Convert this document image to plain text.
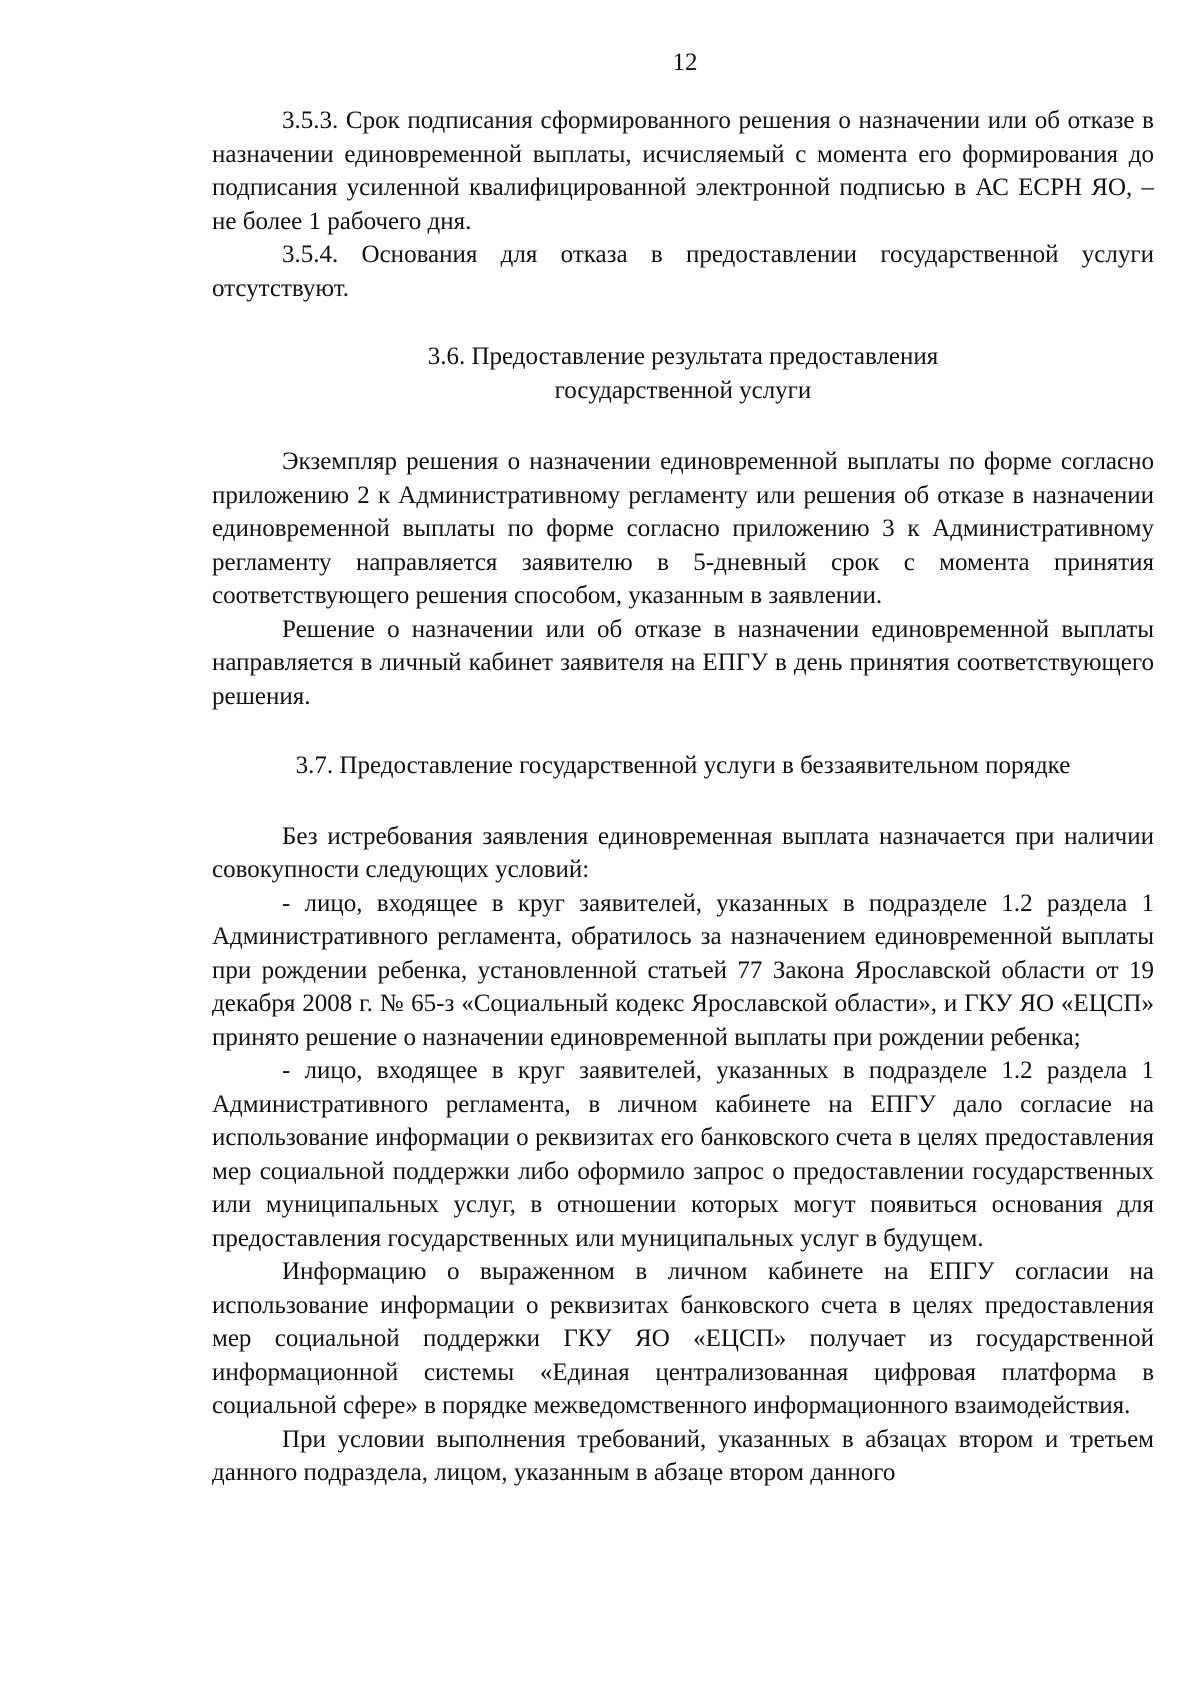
12

3.5.3. Срок подписания сформированного решения о назначении или об отказе в назначении единовременной выплаты, исчисляемый с момента его формирования до подписания усиленной квалифицированной электронной подписью в АС ЕСРН ЯО, – не более 1 рабочего дня.

3.5.4. Основания для отказа в предоставлении государственной услуги отсутствуют.

3.6. Предоставление результата предоставления
государственной услуги

Экземпляр решения о назначении единовременной выплаты по форме согласно приложению 2 к Административному регламенту или решения об отказе в назначении единовременной выплаты по форме согласно приложению 3 к Административному регламенту направляется заявителю в 5-дневный срок с момента принятия соответствующего решения способом, указанным в заявлении.

Решение о назначении или об отказе в назначении единовременной выплаты направляется в личный кабинет заявителя на ЕПГУ в день принятия соответствующего решения.

3.7. Предоставление государственной услуги в беззаявительном порядке

Без истребования заявления единовременная выплата назначается при наличии совокупности следующих условий:

- лицо, входящее в круг заявителей, указанных в подразделе 1.2 раздела 1 Административного регламента, обратилось за назначением единовременной выплаты при рождении ребенка, установленной статьей 77 Закона Ярославской области от 19 декабря 2008 г. № 65-з «Социальный кодекс Ярославской области», и ГКУ ЯО «ЕЦСП» принято решение о назначении единовременной выплаты при рождении ребенка;

- лицо, входящее в круг заявителей, указанных в подразделе 1.2 раздела 1 Административного регламента, в личном кабинете на ЕПГУ дало согласие на использование информации о реквизитах его банковского счета в целях предоставления мер социальной поддержки либо оформило запрос о предоставлении государственных или муниципальных услуг, в отношении которых могут появиться основания для предоставления государственных или муниципальных услуг в будущем.

Информацию о выраженном в личном кабинете на ЕПГУ согласии на использование информации о реквизитах банковского счета в целях предоставления мер социальной поддержки ГКУ ЯО «ЕЦСП» получает из государственной информационной системы «Единая централизованная цифровая платформа в социальной сфере» в порядке межведомственного информационного взаимодействия.

При условии выполнения требований, указанных в абзацах втором и третьем данного подраздела, лицом, указанным в абзаце втором данного
